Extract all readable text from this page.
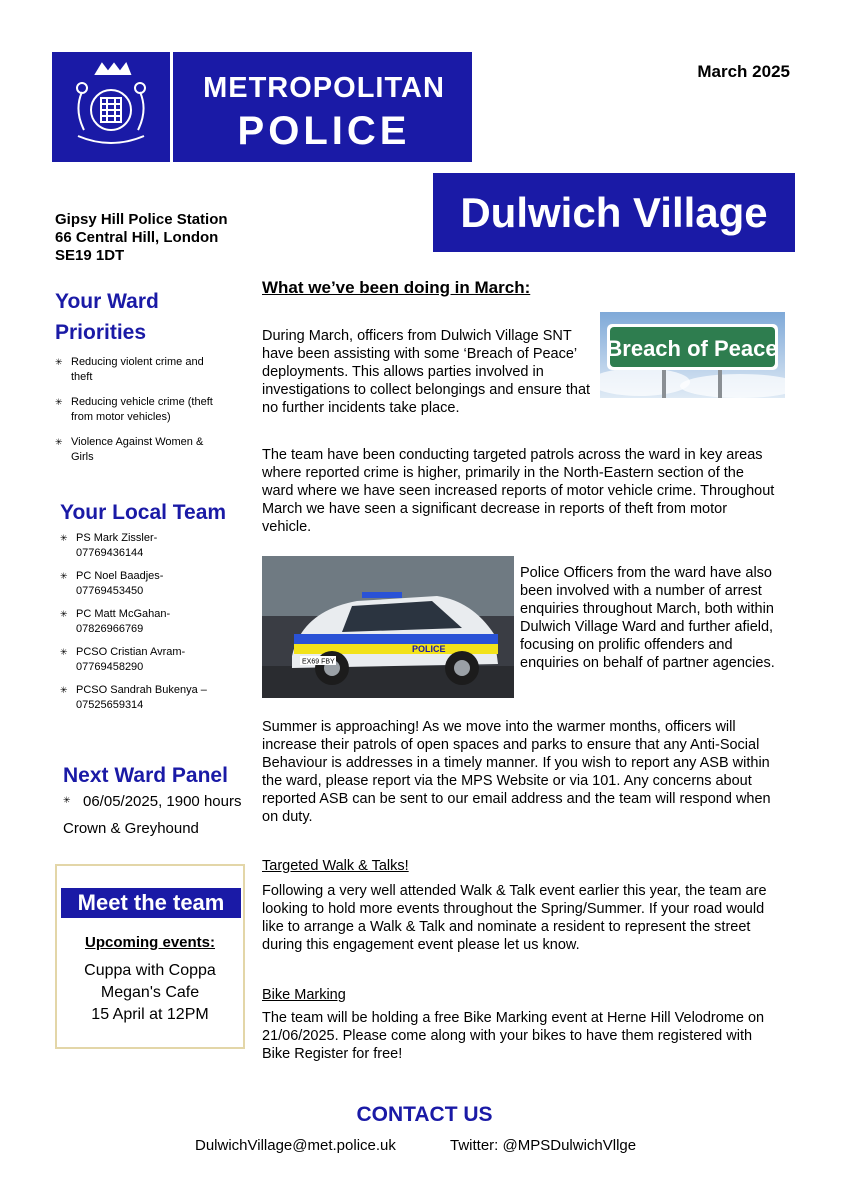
METROPOLITAN
POLICE
March 2025
Dulwich Village
Gipsy Hill Police Station
66 Central Hill, London
SE19 1DT
Your Ward
Priorities
✳ Reducing violent crime and theft
✳ Reducing vehicle crime (theft from motor vehicles)
✳ Violence Against Women & Girls
Your Local Team
✳ PS Mark Zissler-
07769436144
✳ PC Noel Baadjes-
07769453450
✳ PC Matt McGahan-
07826966769
✳ PCSO Cristian Avram-
07769458290
✳ PCSO Sandrah Bukenya –
07525659314
Next Ward Panel
✳ 06/05/2025, 1900 hours
Crown & Greyhound
Meet the team
Upcoming events:
Cuppa with Coppa
Megan's Cafe
15 April at 12PM
What we’ve been doing in March:
During March, officers from Dulwich Village SNT have been assisting with some ‘Breach of Peace’ deployments. This allows parties involved in investigations to collect belongings and ensure that no further incidents take place.
Breach of Peace
The team have been conducting targeted patrols across the ward in key areas where reported crime is higher, primarily in the North-Eastern section of the ward where we have seen increased reports of motor vehicle crime. Throughout March we have seen a significant decrease in reports of theft from motor vehicle.
POLICE
EX69 FBY
Police Officers from the ward have also been involved with a number of arrest enquiries throughout March, both within Dulwich Village Ward and further afield, focusing on prolific offenders and enquiries on behalf of partner agencies.
Summer is approaching! As we move into the warmer months, officers will increase their patrols of open spaces and parks to ensure that any Anti-Social Behaviour is addresses in a timely manner. If you wish to report any ASB within the ward, please report via the MPS Website or via 101. Any concerns about reported ASB can be sent to our email address and the team will respond when on duty.
Targeted Walk & Talks!
Following a very well attended Walk & Talk event earlier this year, the team are looking to hold more events throughout the Spring/Summer. If your road would like to arrange a Walk & Talk and nominate a resident to represent the street during this engagement event please let us know.
Bike Marking
The team will be holding a free Bike Marking event at Herne Hill Velodrome on 21/06/2025. Please come along with your bikes to have them registered with Bike Register for free!
CONTACT US
DulwichVillage@met.police.uk	Twitter: @MPSDulwichVllge
